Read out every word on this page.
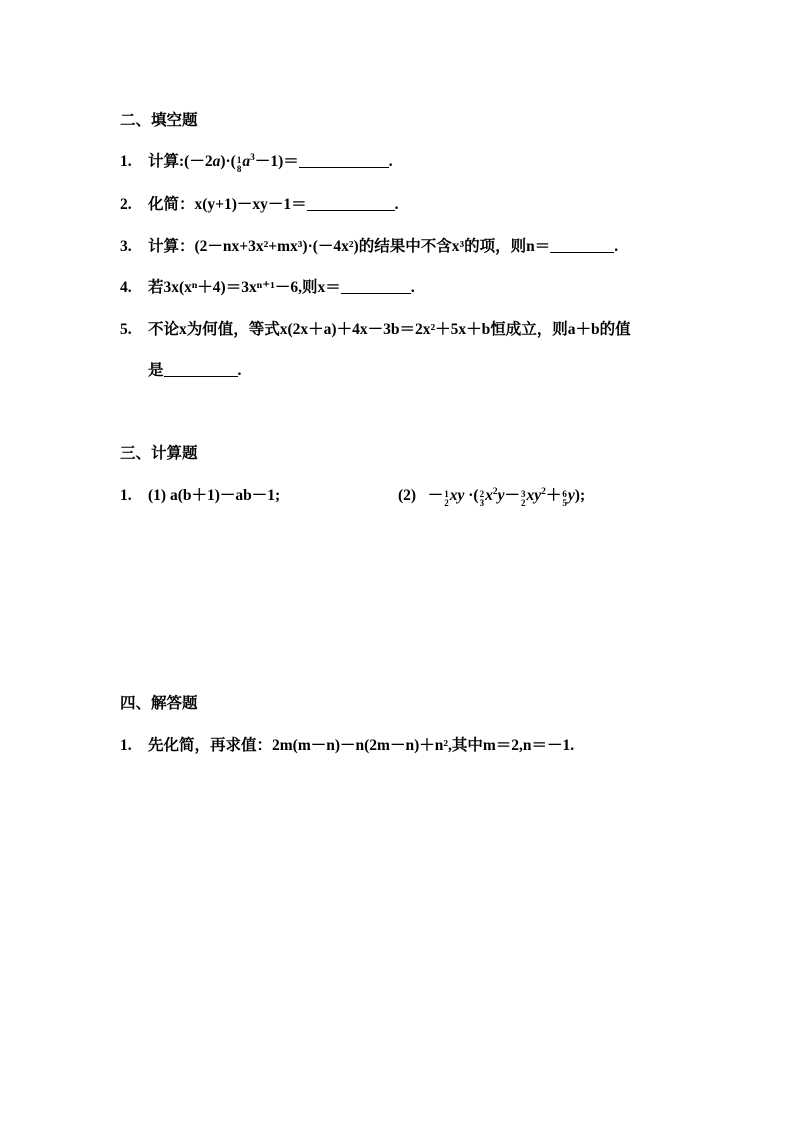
二、填空题
1. 计算:(－2a)·( 1
8 $a^3-1)=$	.
2. 化简：x(y+1)－xy－1＝	.
3. 计算：(2－nx+3x²+mx³)·(－4x²)的结果中不含x³的项，则n＝	.
4. 若3x(xⁿ＋4)＝3xⁿ⁺¹－6,则x＝	.
5. 不论x为何值，等式x(2x＋a)＋4x－3b＝2x²＋5x＋b恒成立，则a＋b的值
是	.
三、计算题
1. (1) a(b＋1)－ab－1;	(2) － 1
2 xy ·( 2
3 $x^2y- 3$
2 $xy^2+ 6$
5 y);
四、解答题
1. 先化简，再求值：2m(m－n)－n(2m－n)＋n²,其中m＝2,n＝－1.
